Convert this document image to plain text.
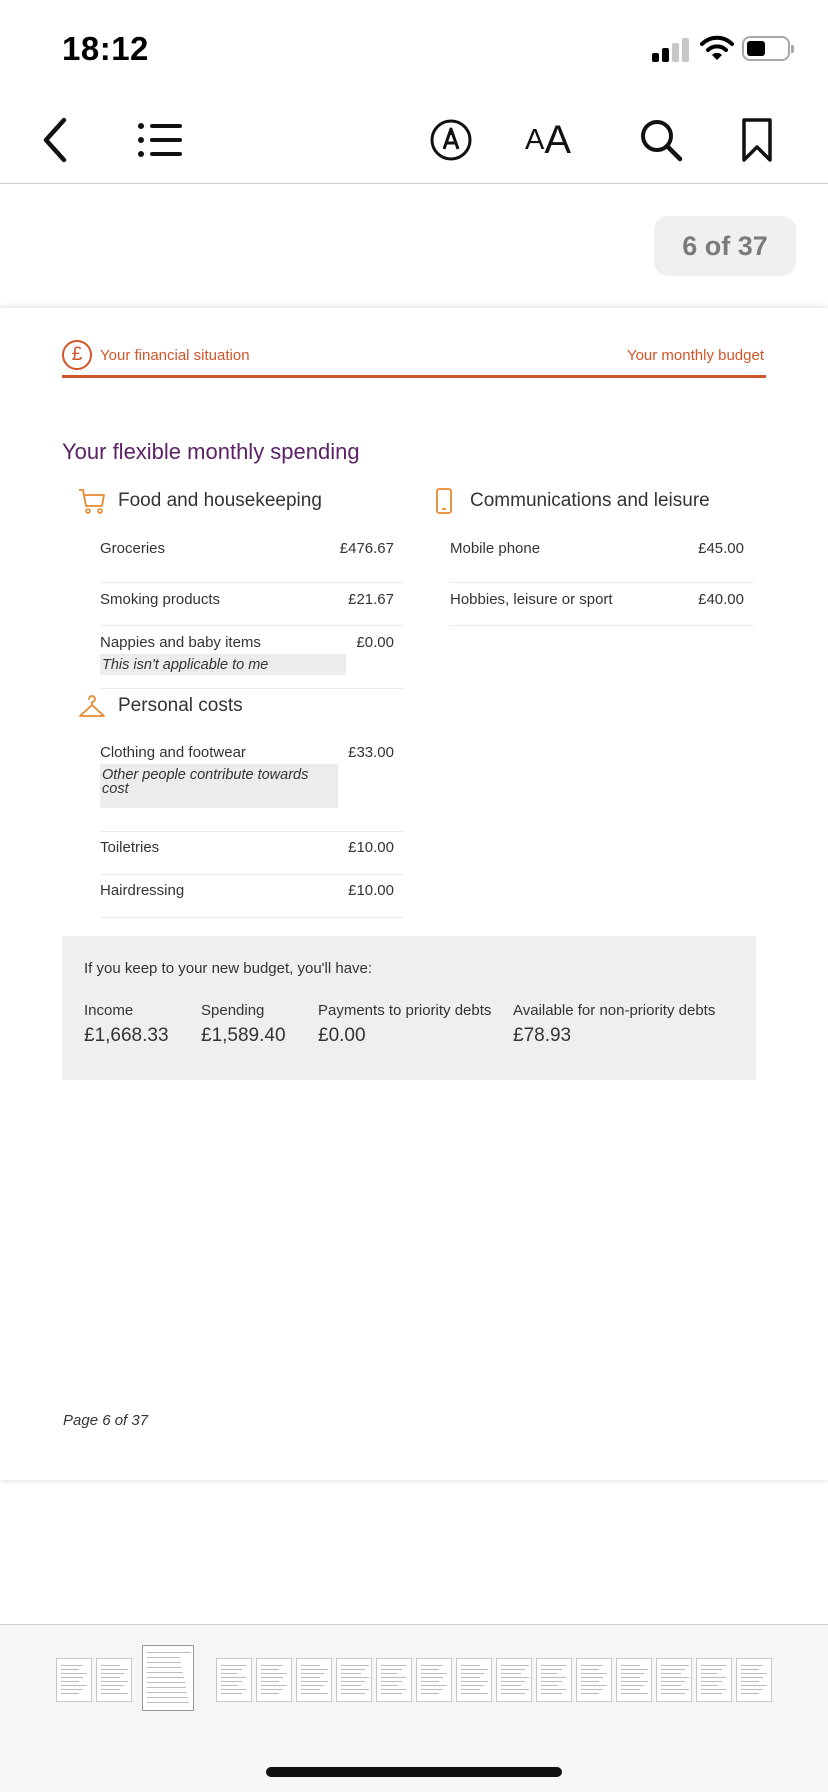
18:12
A A
6 of 37
£	Your financial situation	Your monthly budget
Your flexible monthly spending
Food and housekeeping
Groceries	£476.67
Smoking products	£21.67
Nappies and baby items	£0.00
This isn't applicable to me
Personal costs
Clothing and footwear	£33.00
Other people contribute towards cost
Toiletries	£10.00
Hairdressing	£10.00
Communications and leisure
Mobile phone	£45.00
Hobbies, leisure or sport	£40.00
If you keep to your new budget, you'll have:
Income
£1,668.33
Spending
£1,589.40
Payments to priority debts
£0.00
Available for non-priority debts
£78.93
Page 6 of 37
